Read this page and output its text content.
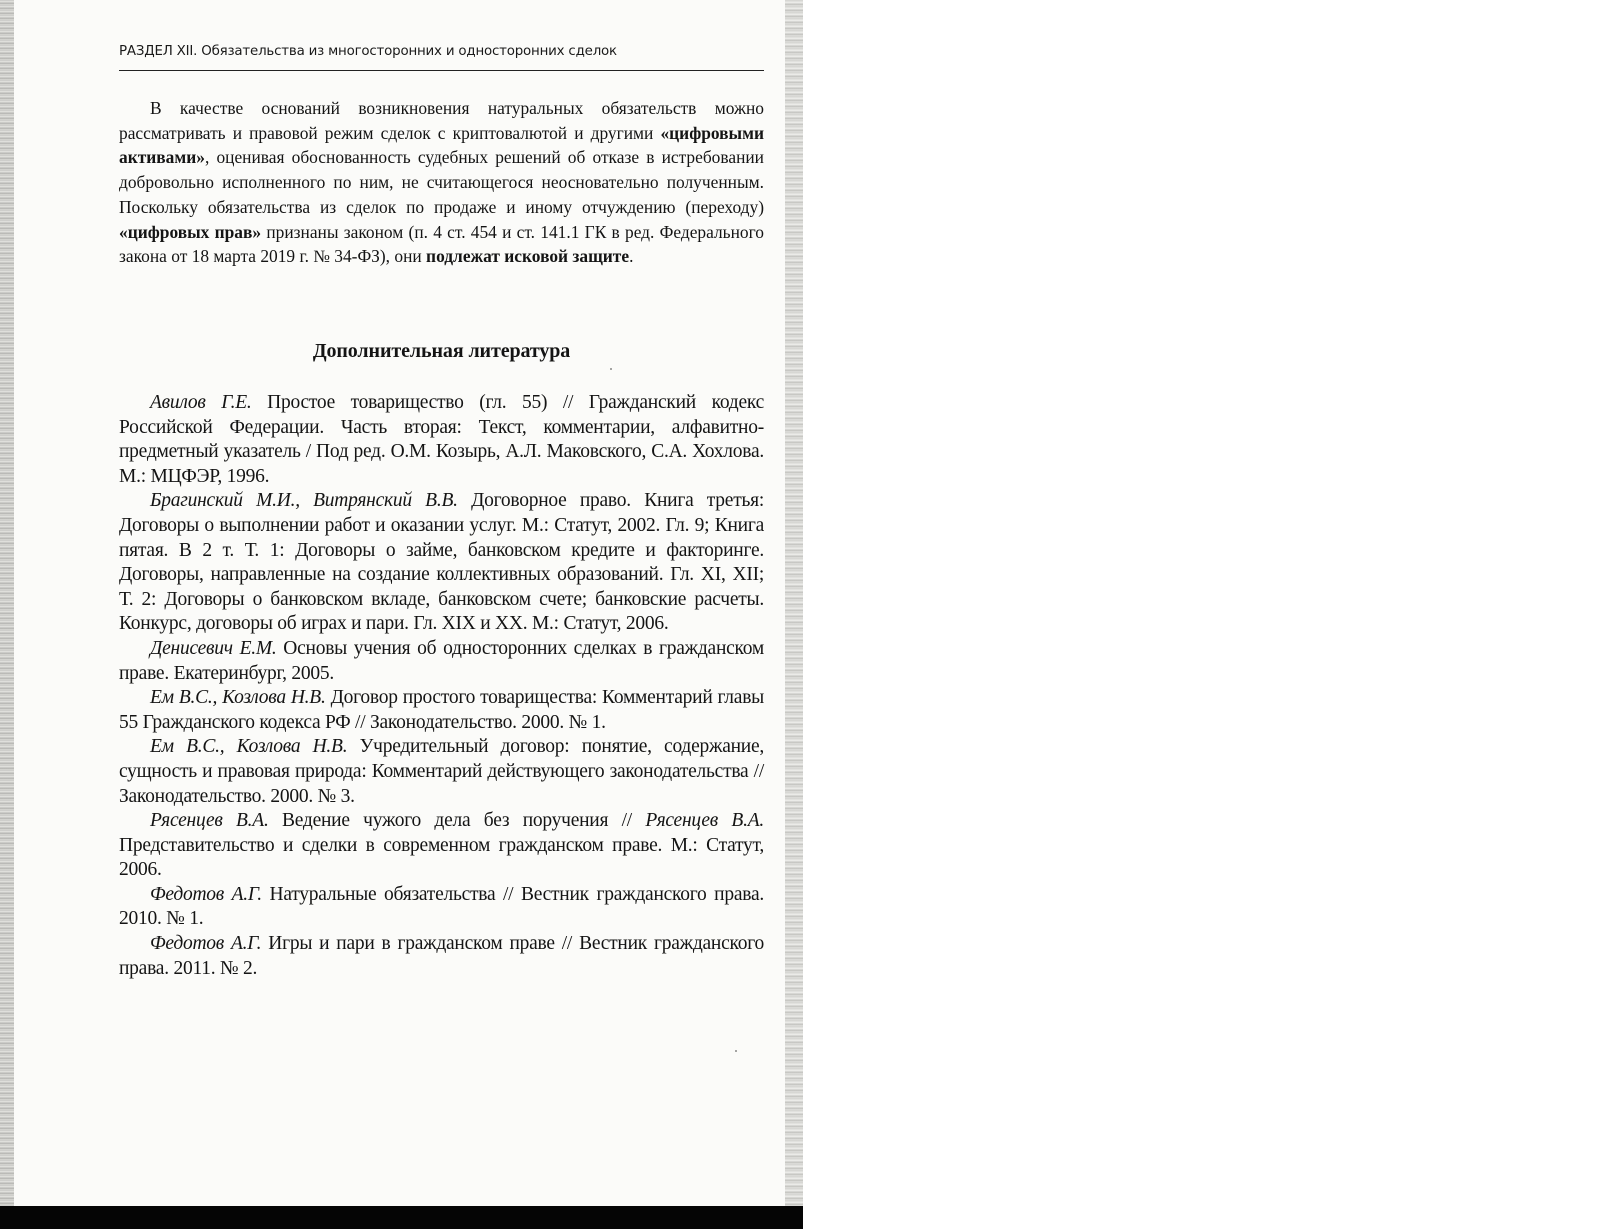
РАЗДЕЛ XII. Обязательства из многосторонних и односторонних сделок

В качестве оснований возникновения натуральных обязательств можно рассматривать и правовой режим сделок с криптовалютой и другими «цифровыми активами», оценивая обоснованность судебных решений об отказе в истребовании добровольно исполненного по ним, не считающегося неосновательно полученным. Поскольку обязательства из сделок по продаже и иному отчуждению (переходу) «цифровых прав» признаны законом (п. 4 ст. 454 и ст. 141.1 ГК в ред. Федерального закона от 18 марта 2019 г. № 34-ФЗ), они подлежат исковой защите.

Дополнительная литература

Авилов Г.Е. Простое товарищество (гл. 55) // Гражданский кодекс Российской Федерации. Часть вторая: Текст, комментарии, алфавитно-предметный указатель / Под ред. О.М. Козырь, А.Л. Маковского, С.А. Хохлова. М.: МЦФЭР, 1996.

Брагинский М.И., Витрянский В.В. Договорное право. Книга третья: Договоры о выполнении работ и оказании услуг. М.: Статут, 2002. Гл. 9; Книга пятая. В 2 т. Т. 1: Договоры о займе, банковском кредите и факторинге. Договоры, направленные на создание коллективных образований. Гл. XI, XII; Т. 2: Договоры о банковском вкладе, банковском счете; банковские расчеты. Конкурс, договоры об играх и пари. Гл. XIX и XX. М.: Статут, 2006.

Денисевич Е.М. Основы учения об односторонних сделках в гражданском праве. Екатеринбург, 2005.

Ем В.С., Козлова Н.В. Договор простого товарищества: Комментарий главы 55 Гражданского кодекса РФ // Законодательство. 2000. № 1.

Ем В.С., Козлова Н.В. Учредительный договор: понятие, содержание, сущность и правовая природа: Комментарий действующего законодательства // Законодательство. 2000. № 3.

Рясенцев В.А. Ведение чужого дела без поручения // Рясенцев В.А. Представительство и сделки в современном гражданском праве. М.: Статут, 2006.

Федотов А.Г. Натуральные обязательства // Вестник гражданского права. 2010. № 1.

Федотов А.Г. Игры и пари в гражданском праве // Вестник гражданского права. 2011. № 2.
